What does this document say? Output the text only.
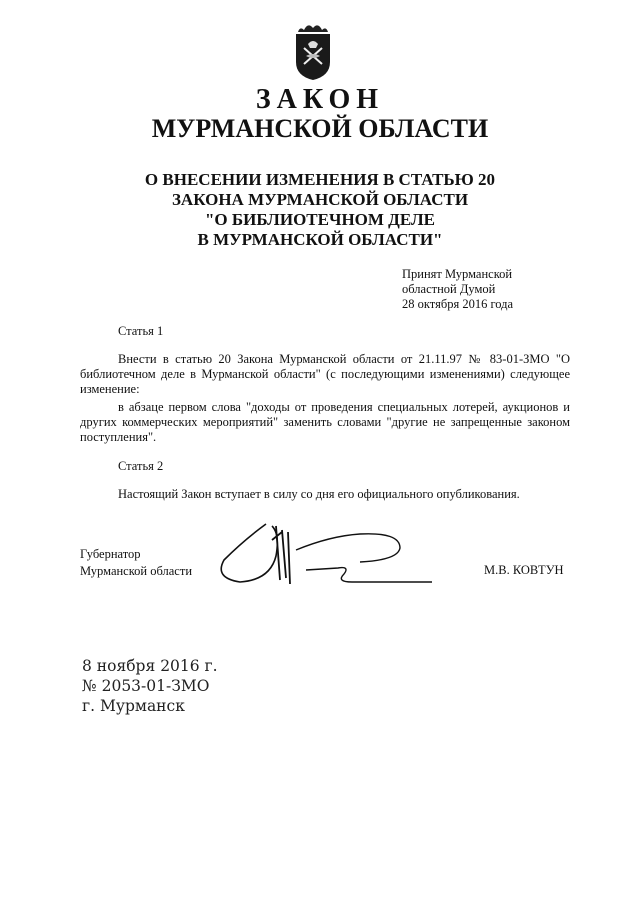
ЗАКОН
МУРМАНСКОЙ ОБЛАСТИ
О ВНЕСЕНИИ ИЗМЕНЕНИЯ В СТАТЬЮ 20
ЗАКОНА МУРМАНСКОЙ ОБЛАСТИ
"О БИБЛИОТЕЧНОМ ДЕЛЕ
В МУРМАНСКОЙ ОБЛАСТИ"
Принят Мурманской
областной Думой
28 октября 2016 года
Статья 1
Внести в статью 20 Закона Мурманской области от 21.11.97 № 83-01-ЗМО "О библиотечном деле в Мурманской области" (с последующими изменениями) следующее изменение:
в абзаце первом слова "доходы от проведения специальных лотерей, аукционов и других коммерческих мероприятий" заменить словами "другие не запрещенные законом поступления".
Статья 2
Настоящий Закон вступает в силу со дня его официального опубликования.
Губернатор
Мурманской области	М.В. КОВТУН
8 ноября 2016 г.
№ 2053-01-ЗМО
г. Мурманск
